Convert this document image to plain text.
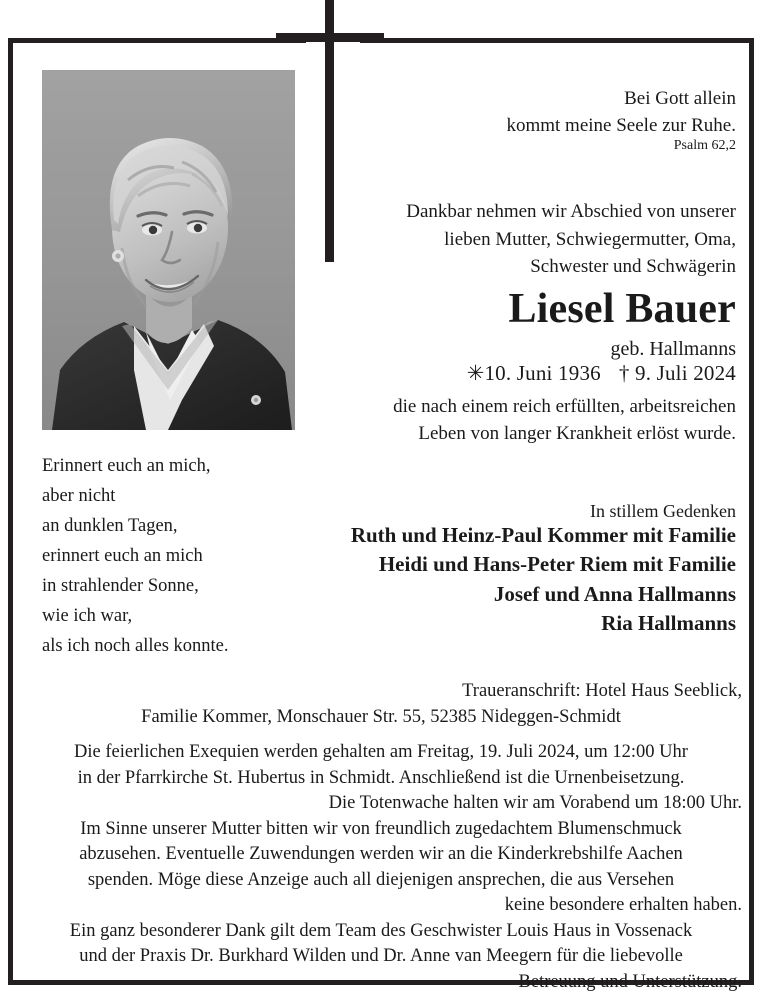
Bei Gott allein
kommt meine Seele zur Ruhe.
Psalm 62,2
Dankbar nehmen wir Abschied von unserer
lieben Mutter, Schwiegermutter, Oma,
Schwester und Schwägerin
Liesel Bauer
geb. Hallmanns
✳10. Juni 1936 † 9. Juli 2024
die nach einem reich erfüllten, arbeitsreichen
Leben von langer Krankheit erlöst wurde.
Erinnert euch an mich,
aber nicht
an dunklen Tagen,
erinnert euch an mich
in strahlender Sonne,
wie ich war,
als ich noch alles konnte.
In stillem Gedenken
Ruth und Heinz-Paul Kommer mit Familie
Heidi und Hans-Peter Riem mit Familie
Josef und Anna Hallmanns
Ria Hallmanns
Traueranschrift: Hotel Haus Seeblick,
Familie Kommer, Monschauer Str. 55, 52385 Nideggen-Schmidt

Die feierlichen Exequien werden gehalten am Freitag, 19. Juli 2024, um 12:00 Uhr

in der Pfarrkirche St. Hubertus in Schmidt. Anschließend ist die Urnenbeisetzung.

Die Totenwache halten wir am Vorabend um 18:00 Uhr.

Im Sinne unserer Mutter bitten wir von freundlich zugedachtem Blumenschmuck

abzusehen. Eventuelle Zuwendungen werden wir an die Kinderkrebshilfe Aachen

spenden. Möge diese Anzeige auch all diejenigen ansprechen, die aus Versehen

keine besondere erhalten haben.

Ein ganz besonderer Dank gilt dem Team des Geschwister Louis Haus in Vossenack

und der Praxis Dr. Burkhard Wilden und Dr. Anne van Meegern für die liebevolle

Betreuung und Unterstützung.
